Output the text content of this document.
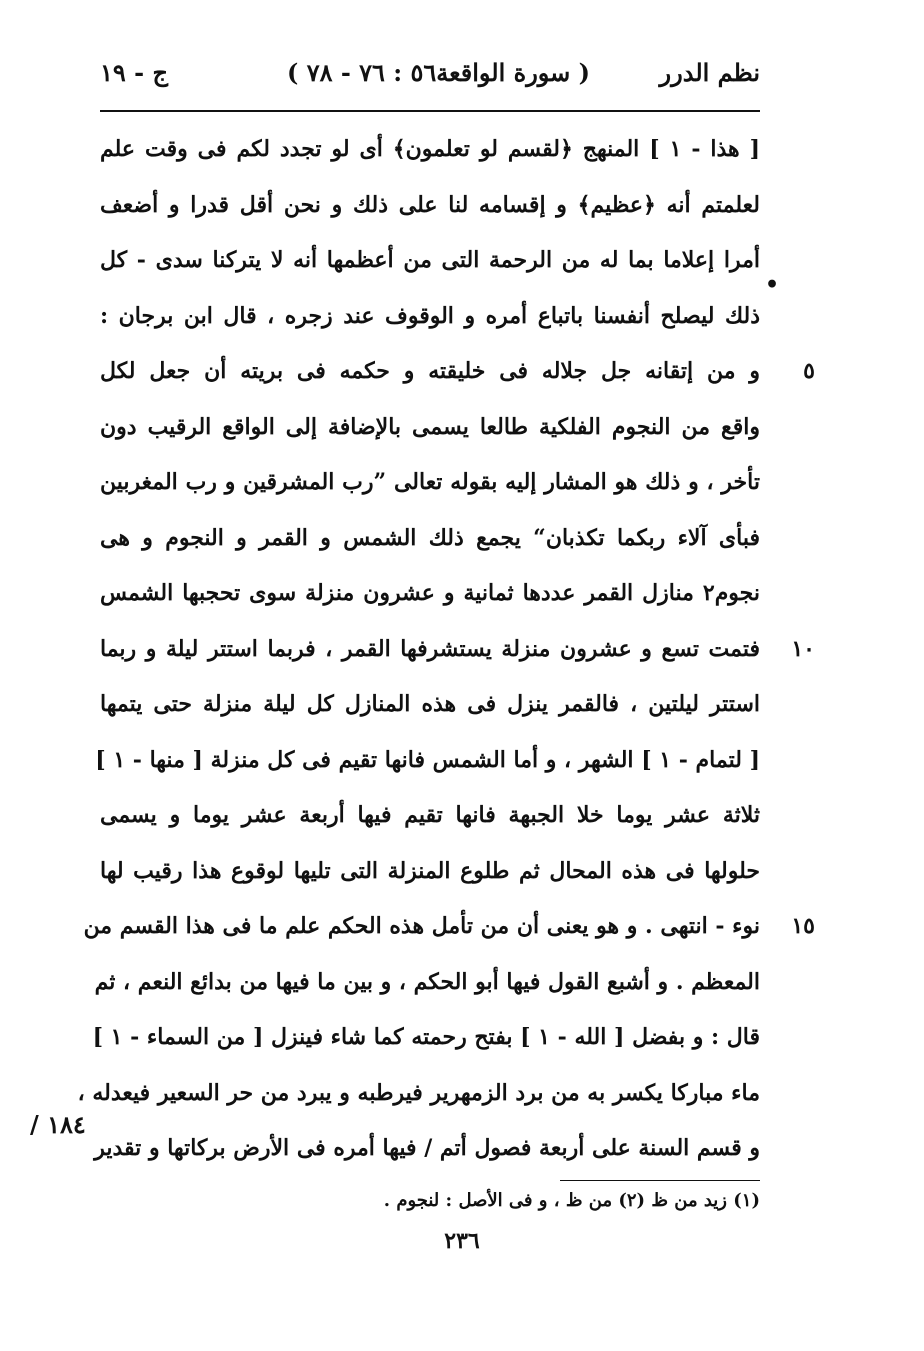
نظم الدرر
( سورة الواقعة٥٦ : ٧٦ - ٧٨ )
ج - ١٩
[ هذا - ١ ] المنهج ﴿لقسم لو تعلمون﴾ أى لو تجدد لكم فى وقت علم
لعلمتم أنه ﴿عظيم﴾ و إقسامه لنا على ذلك و نحن أقل قدرا و أضعف
أمرا إعلاما بما له من الرحمة التى من أعظمها أنه لا يتركنا سدى - كل
ذلك ليصلح أنفسنا باتباع أمره و الوقوف عند زجره ، قال ابن برجان :
٥
و من إتقانه جل جلاله فى خليقته و حكمه فى بريته أن جعل لكل
واقع من النجوم الفلكية طالعا يسمى بالإضافة إلى الواقع الرقيب دون
تأخر ، و ذلك هو المشار إليه بقوله تعالى ”رب المشرقين و رب المغربين
فبأى آلاء ربكما تكذبان“ يجمع ذلك الشمس و القمر و النجوم و هى
نجوم٢ منازل القمر عددها ثمانية و عشرون منزلة سوى تحجبها الشمس
١٠
فتمت تسع و عشرون منزلة يستشرفها القمر ، فربما استتر ليلة و ربما
استتر ليلتين ، فالقمر ينزل فى هذه المنازل كل ليلة منزلة حتى يتمها
[ لتمام - ١ ] الشهر ، و أما الشمس فانها تقيم فى كل منزلة [ منها - ١ ]
ثلاثة عشر يوما خلا الجبهة فانها تقيم فيها أربعة عشر يوما و يسمى
حلولها فى هذه المحال ثم طلوع المنزلة التى تليها لوقوع هذا رقيب لها
١٥
نوء - انتهى . و هو يعنى أن من تأمل هذه الحكم علم ما فى هذا القسم من
المعظم . و أشبع القول فيها أبو الحكم ، و بين ما فيها من بدائع النعم ، ثم
قال : و بفضل [ الله - ١ ] بفتح رحمته كما شاء فينزل [ من السماء - ١ ]
ماء مباركا يكسر به من برد الزمهرير فيرطبه و يبرد من حر السعير فيعدله ،
و قسم السنة على أربعة فصول أتم / فيها أمره فى الأرض بركاتها و تقدير
•
١٨٤ /
(١) زيد من ظ (٢) من ظ ، و فى الأصل : لنجوم .
٢٣٦
